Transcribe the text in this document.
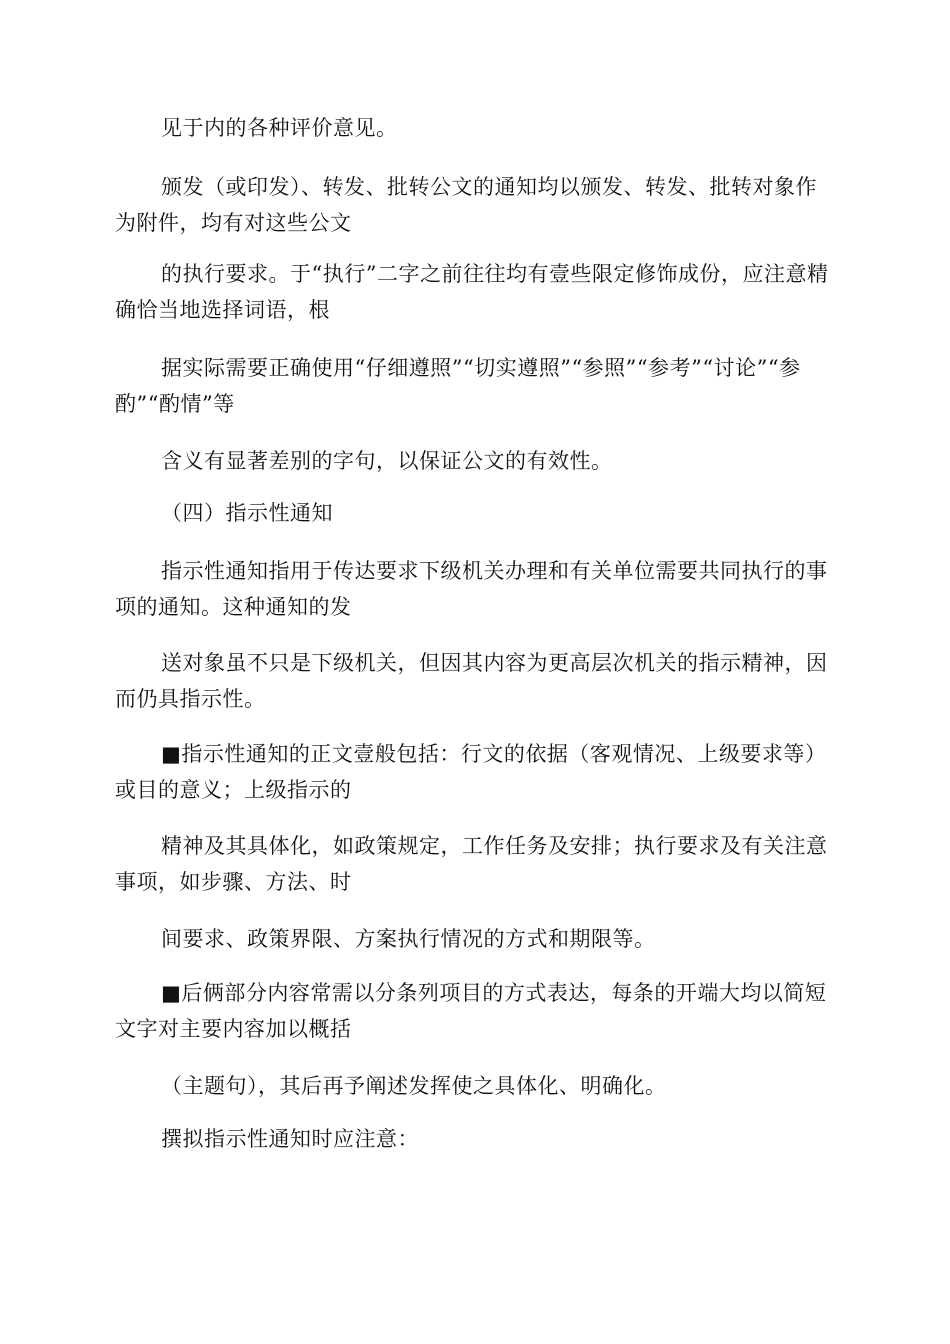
见于内的各种评价意见。

颁发（或印发）、转发、批转公文的通知均以颁发、转发、批转对象作为附件，均有对这些公文

的执行要求。于“执行”二字之前往往均有壹些限定修饰成份，应注意精确恰当地选择词语，根

据实际需要正确使用“仔细遵照”“切实遵照”“参照”“参考”“讨论”“参酌”“酌情”等

含义有显著差别的字句，以保证公文的有效性。

（四）指示性通知

指示性通知指用于传达要求下级机关办理和有关单位需要共同执行的事项的通知。这种通知的发

送对象虽不只是下级机关，但因其内容为更高层次机关的指示精神，因而仍具指示性。

■指示性通知的正文壹般包括：行文的依据（客观情况、上级要求等）或目的意义；上级指示的

精神及其具体化，如政策规定，工作任务及安排；执行要求及有关注意事项，如步骤、方法、时

间要求、政策界限、方案执行情况的方式和期限等。

■后俩部分内容常需以分条列项目的方式表达，每条的开端大均以简短文字对主要内容加以概括

（主题句），其后再予阐述发挥使之具体化、明确化。

撰拟指示性通知时应注意：
